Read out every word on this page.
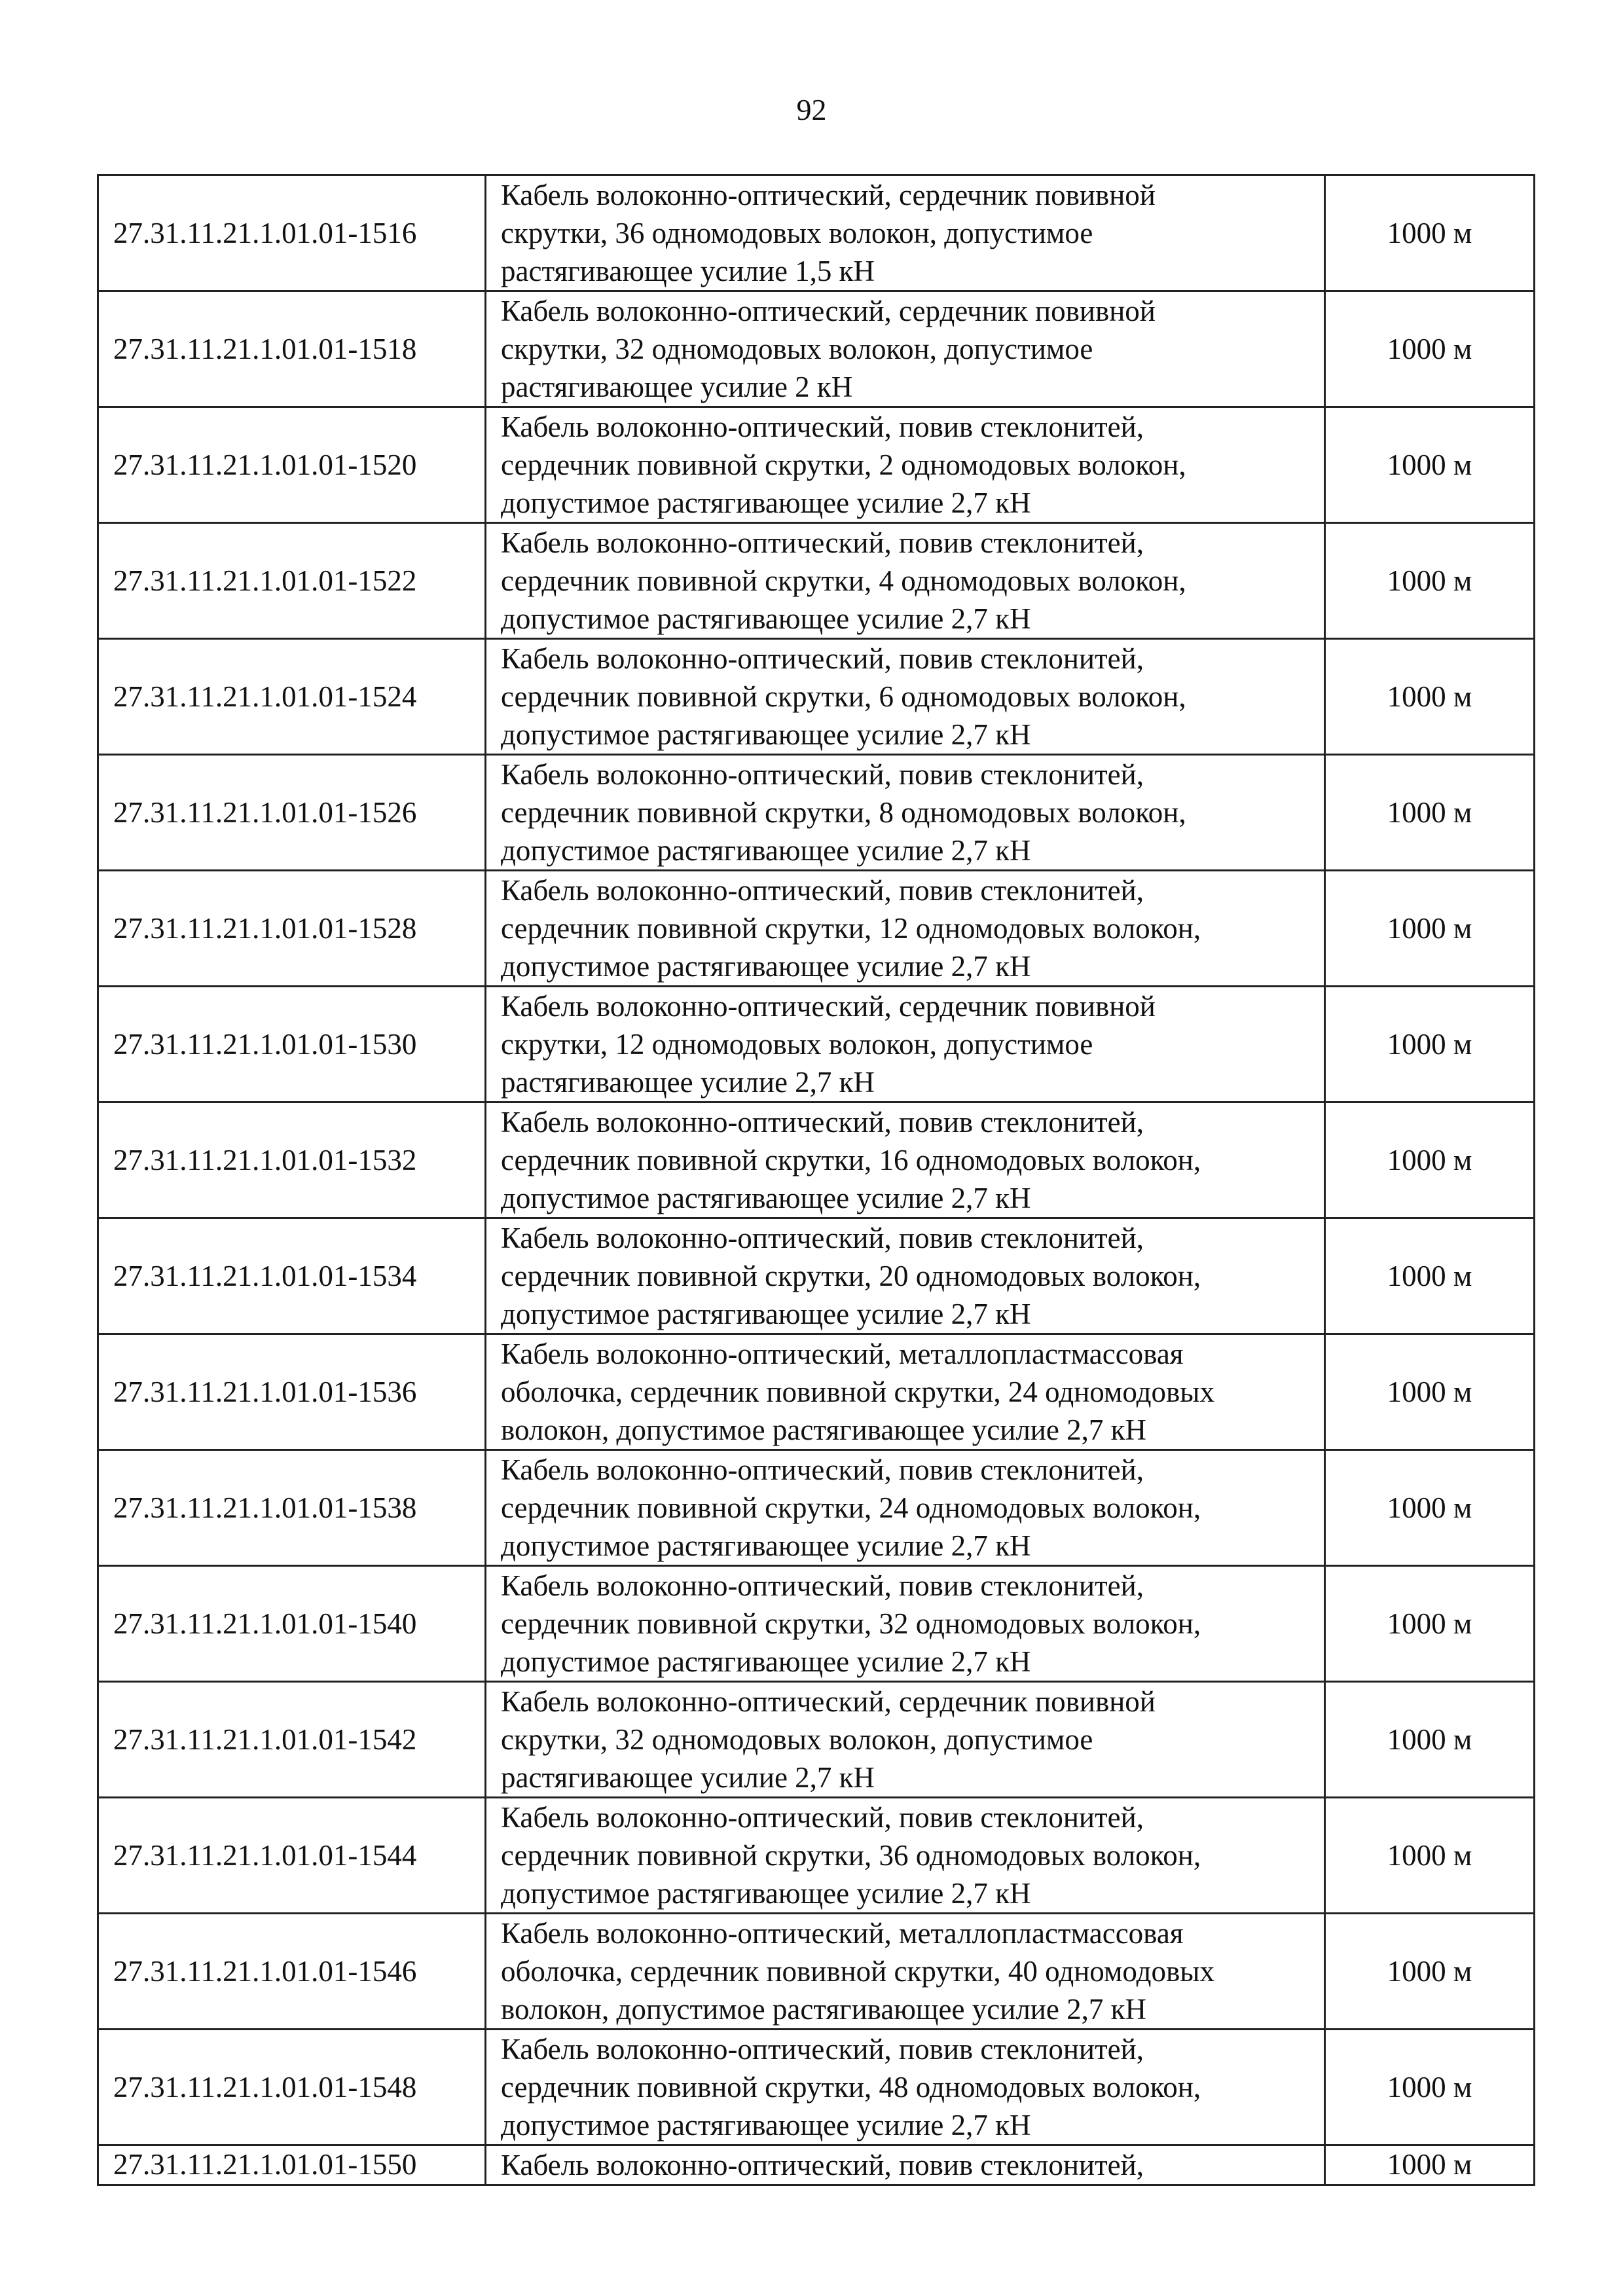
92
27.31.11.21.1.01.01-1516	Кабель волоконно-оптический, сердечник повивной
скрутки, 36 одномодовых волокон, допустимое
растягивающее усилие 1,5 кН	1000 м
27.31.11.21.1.01.01-1518	Кабель волоконно-оптический, сердечник повивной
скрутки, 32 одномодовых волокон, допустимое
растягивающее усилие 2 кН	1000 м
27.31.11.21.1.01.01-1520	Кабель волоконно-оптический, повив стеклонитей,
сердечник повивной скрутки, 2 одномодовых волокон,
допустимое растягивающее усилие 2,7 кН	1000 м
27.31.11.21.1.01.01-1522	Кабель волоконно-оптический, повив стеклонитей,
сердечник повивной скрутки, 4 одномодовых волокон,
допустимое растягивающее усилие 2,7 кН	1000 м
27.31.11.21.1.01.01-1524	Кабель волоконно-оптический, повив стеклонитей,
сердечник повивной скрутки, 6 одномодовых волокон,
допустимое растягивающее усилие 2,7 кН	1000 м
27.31.11.21.1.01.01-1526	Кабель волоконно-оптический, повив стеклонитей,
сердечник повивной скрутки, 8 одномодовых волокон,
допустимое растягивающее усилие 2,7 кН	1000 м
27.31.11.21.1.01.01-1528	Кабель волоконно-оптический, повив стеклонитей,
сердечник повивной скрутки, 12 одномодовых волокон,
допустимое растягивающее усилие 2,7 кН	1000 м
27.31.11.21.1.01.01-1530	Кабель волоконно-оптический, сердечник повивной
скрутки, 12 одномодовых волокон, допустимое
растягивающее усилие 2,7 кН	1000 м
27.31.11.21.1.01.01-1532	Кабель волоконно-оптический, повив стеклонитей,
сердечник повивной скрутки, 16 одномодовых волокон,
допустимое растягивающее усилие 2,7 кН	1000 м
27.31.11.21.1.01.01-1534	Кабель волоконно-оптический, повив стеклонитей,
сердечник повивной скрутки, 20 одномодовых волокон,
допустимое растягивающее усилие 2,7 кН	1000 м
27.31.11.21.1.01.01-1536	Кабель волоконно-оптический, металлопластмассовая
оболочка, сердечник повивной скрутки, 24 одномодовых
волокон, допустимое растягивающее усилие 2,7 кН	1000 м
27.31.11.21.1.01.01-1538	Кабель волоконно-оптический, повив стеклонитей,
сердечник повивной скрутки, 24 одномодовых волокон,
допустимое растягивающее усилие 2,7 кН	1000 м
27.31.11.21.1.01.01-1540	Кабель волоконно-оптический, повив стеклонитей,
сердечник повивной скрутки, 32 одномодовых волокон,
допустимое растягивающее усилие 2,7 кН	1000 м
27.31.11.21.1.01.01-1542	Кабель волоконно-оптический, сердечник повивной
скрутки, 32 одномодовых волокон, допустимое
растягивающее усилие 2,7 кН	1000 м
27.31.11.21.1.01.01-1544	Кабель волоконно-оптический, повив стеклонитей,
сердечник повивной скрутки, 36 одномодовых волокон,
допустимое растягивающее усилие 2,7 кН	1000 м
27.31.11.21.1.01.01-1546	Кабель волоконно-оптический, металлопластмассовая
оболочка, сердечник повивной скрутки, 40 одномодовых
волокон, допустимое растягивающее усилие 2,7 кН	1000 м
27.31.11.21.1.01.01-1548	Кабель волоконно-оптический, повив стеклонитей,
сердечник повивной скрутки, 48 одномодовых волокон,
допустимое растягивающее усилие 2,7 кН	1000 м
27.31.11.21.1.01.01-1550	Кабель волоконно-оптический, повив стеклонитей,	1000 м
